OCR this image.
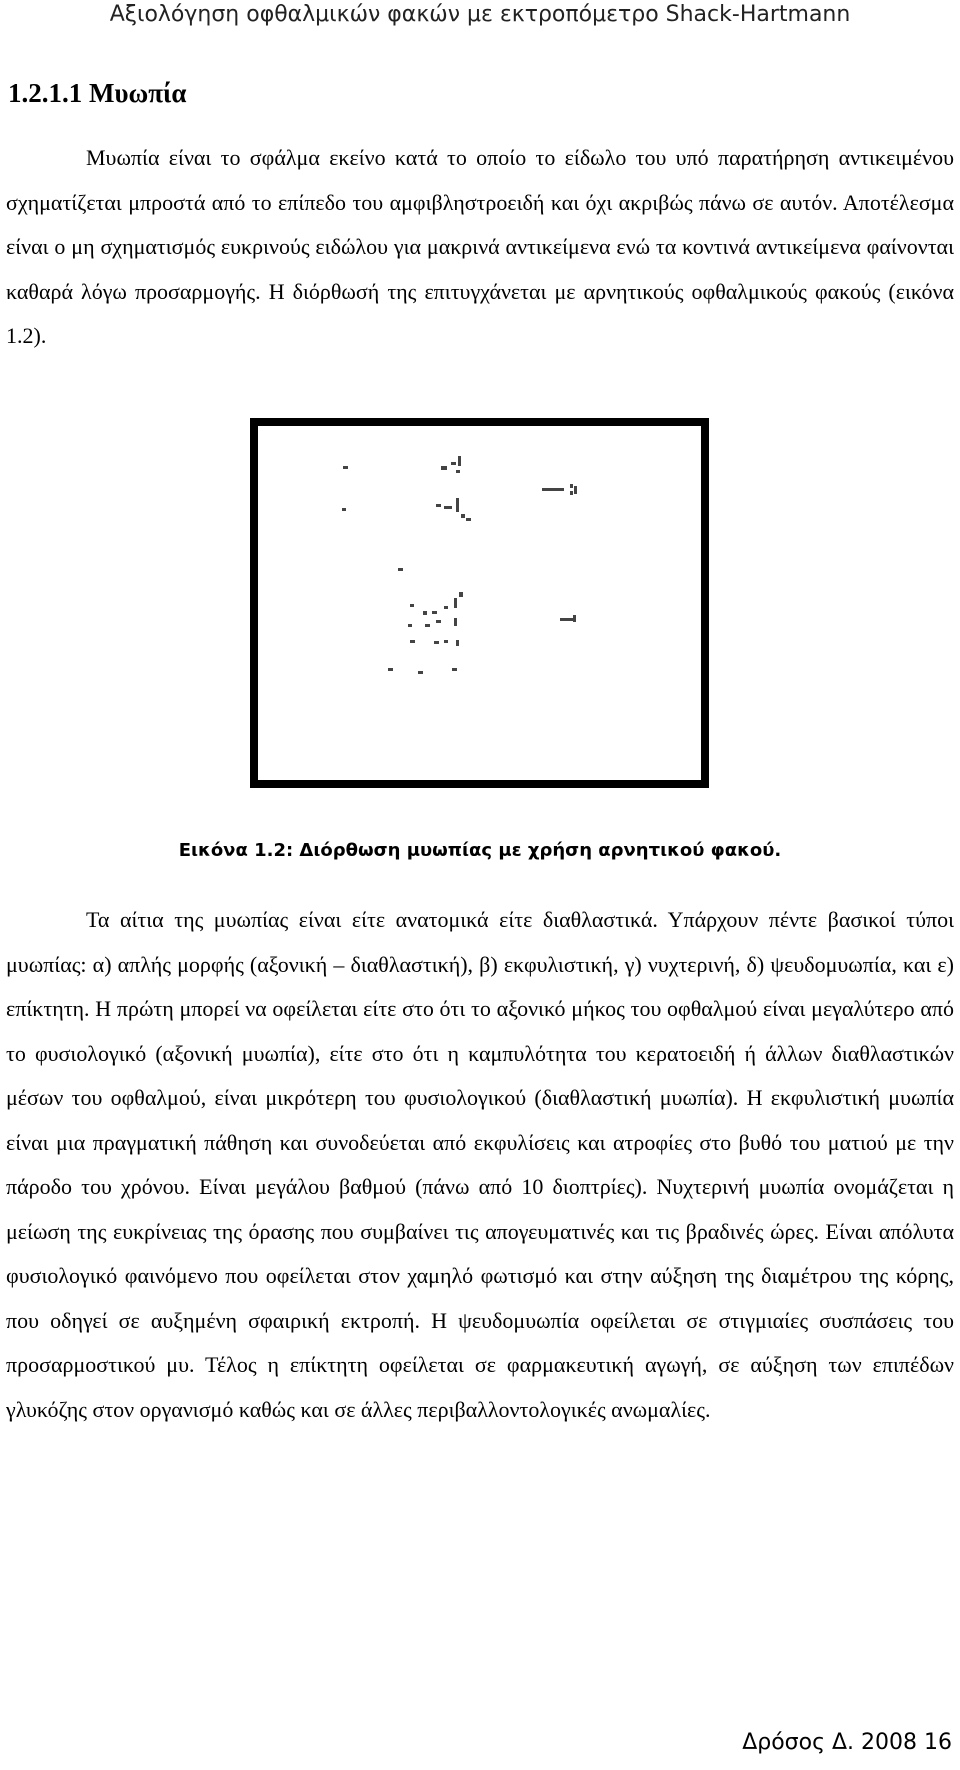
Αξιολόγηση οφθαλμικών φακών με εκτροπόμετρο Shack-Hartmann
1.2.1.1 Μυωπία

Μυωπία είναι το σφάλμα εκείνο κατά το οποίο το είδωλο του υπό παρατήρηση αντικειμένου σχηματίζεται μπροστά από το επίπεδο του αμφιβληστροειδή και όχι ακριβώς πάνω σε αυτόν. Αποτέλεσμα είναι ο μη σχηματισμός ευκρινούς ειδώλου για μακρινά αντικείμενα ενώ τα κοντινά αντικείμενα φαίνονται καθαρά λόγω προσαρμογής. Η διόρθωσή της επιτυγχάνεται με αρνητικούς οφθαλμικούς φακούς (εικόνα 1.2).

Εικόνα 1.2: Διόρθωση μυωπίας με χρήση αρνητικού φακού.

Τα αίτια της μυωπίας είναι είτε ανατομικά είτε διαθλαστικά. Υπάρχουν πέντε βασικοί τύποι μυωπίας: α) απλής μορφής (αξονική – διαθλαστική), β) εκφυλιστική, γ) νυχτερινή, δ) ψευδομυωπία, και ε) επίκτητη. Η πρώτη μπορεί να οφείλεται είτε στο ότι το αξονικό μήκος του οφθαλμού είναι μεγαλύτερο από το φυσιολογικό (αξονική μυωπία), είτε στο ότι η καμπυλότητα του κερατοειδή ή άλλων διαθλαστικών μέσων του οφθαλμού, είναι μικρότερη του φυσιολογικού (διαθλαστική μυωπία). Η εκφυλιστική μυωπία είναι μια πραγματική πάθηση και συνοδεύεται από εκφυλίσεις και ατροφίες στο βυθό του ματιού με την πάροδο του χρόνου. Είναι μεγάλου βαθμού (πάνω από 10 διοπτρίες). Νυχτερινή μυωπία ονομάζεται η μείωση της ευκρίνειας της όρασης που συμβαίνει τις απογευματινές και τις βραδινές ώρες. Είναι απόλυτα φυσιολογικό φαινόμενο που οφείλεται στον χαμηλό φωτισμό και στην αύξηση της διαμέτρου της κόρης, που οδηγεί σε αυξημένη σφαιρική εκτροπή. Η ψευδομυωπία οφείλεται σε στιγμιαίες συσπάσεις του προσαρμοστικού μυ. Τέλος η επίκτητη οφείλεται σε φαρμακευτική αγωγή, σε αύξηση των επιπέδων γλυκόζης στον οργανισμό καθώς και σε άλλες περιβαλλοντολογικές ανωμαλίες.

Δρόσος Δ. 2008 16
